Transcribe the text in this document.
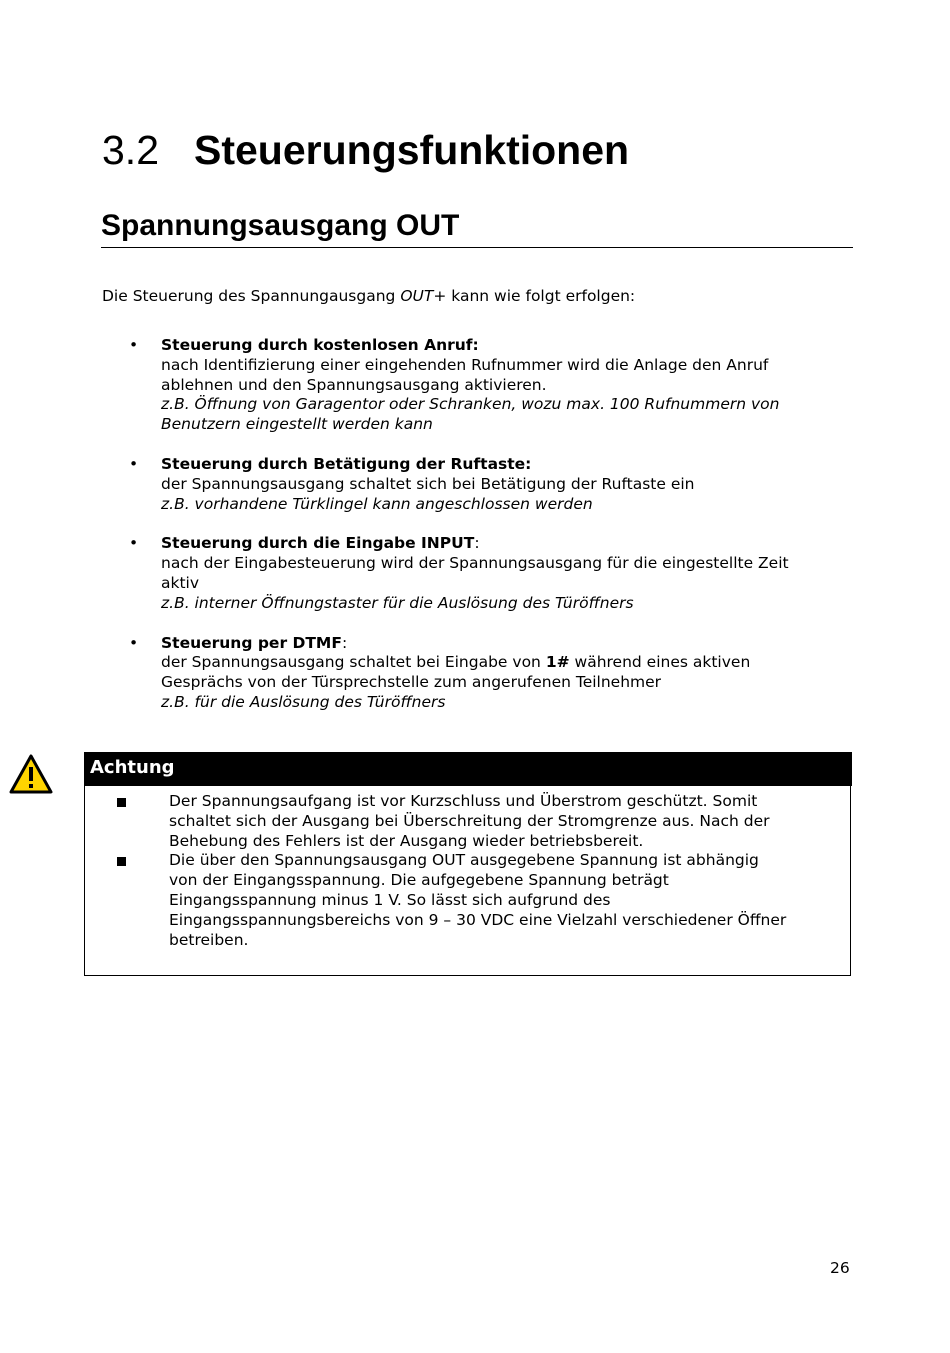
3.2 Steuerungsfunktionen
Spannungsausgang OUT
Die Steuerung des Spannungausgang OUT+ kann wie folgt erfolgen:
• Steuerung durch kostenlosen Anruf:
nach Identifizierung einer eingehenden Rufnummer wird die Anlage den Anruf
ablehnen und den Spannungsausgang aktivieren.
z.B. Öffnung von Garagentor oder Schranken, wozu max. 100 Rufnummern von
Benutzern eingestellt werden kann
• Steuerung durch Betätigung der Ruftaste:
der Spannungsausgang schaltet sich bei Betätigung der Ruftaste ein
z.B. vorhandene Türklingel kann angeschlossen werden
• Steuerung durch die Eingabe INPUT:
nach der Eingabesteuerung wird der Spannungsausgang für die eingestellte Zeit
aktiv
z.B. interner Öffnungstaster für die Auslösung des Türöffners
• Steuerung per DTMF:
der Spannungsausgang schaltet bei Eingabe von 1# während eines aktiven
Gesprächs von der Türsprechstelle zum angerufenen Teilnehmer
z.B. für die Auslösung des Türöffners
Achtung
Der Spannungsaufgang ist vor Kurzschluss und Überstrom geschützt. Somit
schaltet sich der Ausgang bei Überschreitung der Stromgrenze aus. Nach der
Behebung des Fehlers ist der Ausgang wieder betriebsbereit.
Die über den Spannungsausgang OUT ausgegebene Spannung ist abhängig
von der Eingangsspannung. Die aufgegebene Spannung beträgt
Eingangsspannung minus 1 V. So lässt sich aufgrund des
Eingangsspannungsbereichs von 9 – 30 VDC eine Vielzahl verschiedener Öffner
betreiben.
26
